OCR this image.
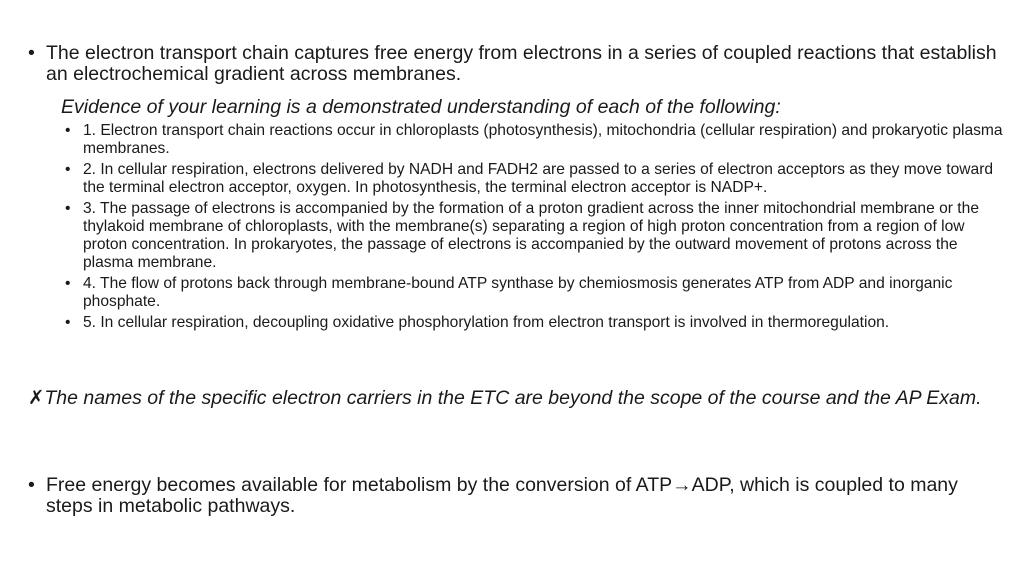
• The electron transport chain captures free energy from electrons in a series of coupled reactions that establish an electrochemical gradient across membranes.
Evidence of your learning is a demonstrated understanding of each of the following:
• 1. Electron transport chain reactions occur in chloroplasts (photosynthesis), mitochondria (cellular respiration) and prokaryotic plasma membranes.
• 2. In cellular respiration, electrons delivered by NADH and FADH2 are passed to a series of electron acceptors as they move toward the terminal electron acceptor, oxygen. In photosynthesis, the terminal electron acceptor is NADP+.
• 3. The passage of electrons is accompanied by the formation of a proton gradient across the inner mitochondrial membrane or the thylakoid membrane of chloroplasts, with the membrane(s) separating a region of high proton concentration from a region of low proton concentration. In prokaryotes, the passage of electrons is accompanied by the outward movement of protons across the plasma membrane.
• 4. The flow of protons back through membrane-bound ATP synthase by chemiosmosis generates ATP from ADP and inorganic phosphate.
• 5. In cellular respiration, decoupling oxidative phosphorylation from electron transport is involved in thermoregulation.
✗The names of the specific electron carriers in the ETC are beyond the scope of the course and the AP Exam.
• Free energy becomes available for metabolism by the conversion of ATP→ADP, which is coupled to many steps in metabolic pathways.
